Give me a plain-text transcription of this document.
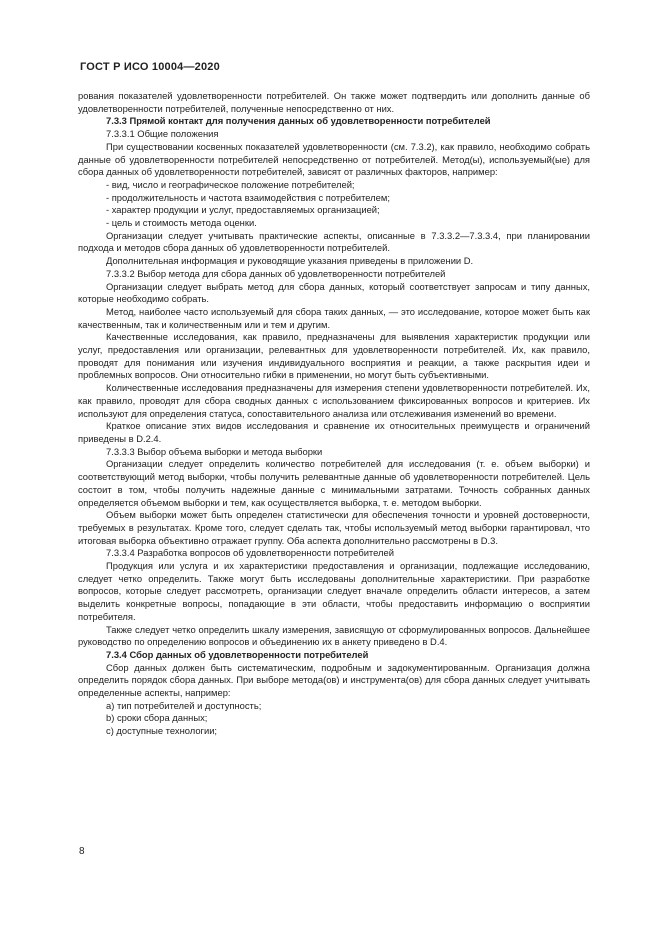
ГОСТ Р ИСО 10004—2020

рования показателей удовлетворенности потребителей. Он также может подтвердить или дополнить данные об удовлетворенности потребителей, полученные непосредственно от них.

7.3.3 Прямой контакт для получения данных об удовлетворенности потребителей

7.3.3.1 Общие положения

При существовании косвенных показателей удовлетворенности (см. 7.3.2), как правило, необходимо собрать данные об удовлетворенности потребителей непосредственно от потребителей. Метод(ы), используемый(ые) для сбора данных об удовлетворенности потребителей, зависят от различных факторов, например:

- вид, число и географическое положение потребителей;

- продолжительность и частота взаимодействия с потребителем;

- характер продукции и услуг, предоставляемых организацией;

- цель и стоимость метода оценки.

Организации следует учитывать практические аспекты, описанные в 7.3.3.2—7.3.3.4, при планировании подхода и методов сбора данных об удовлетворенности потребителей.

Дополнительная информация и руководящие указания приведены в приложении D.

7.3.3.2 Выбор метода для сбора данных об удовлетворенности потребителей

Организации следует выбрать метод для сбора данных, который соответствует запросам и типу данных, которые необходимо собрать.

Метод, наиболее часто используемый для сбора таких данных, — это исследование, которое может быть как качественным, так и количественным или и тем и другим.

Качественные исследования, как правило, предназначены для выявления характеристик продукции или услуг, предоставления или организации, релевантных для удовлетворенности потребителей. Их, как правило, проводят для понимания или изучения индивидуального восприятия и реакции, а также раскрытия идеи и проблемных вопросов. Они относительно гибки в применении, но могут быть субъективными.

Количественные исследования предназначены для измерения степени удовлетворенности потребителей. Их, как правило, проводят для сбора сводных данных с использованием фиксированных вопросов и критериев. Их используют для определения статуса, сопоставительного анализа или отслеживания изменений во времени.

Краткое описание этих видов исследования и сравнение их относительных преимуществ и ограничений приведены в D.2.4.

7.3.3.3 Выбор объема выборки и метода выборки

Организации следует определить количество потребителей для исследования (т. е. объем выборки) и соответствующий метод выборки, чтобы получить релевантные данные об удовлетворенности потребителей. Цель состоит в том, чтобы получить надежные данные с минимальными затратами. Точность собранных данных определяется объемом выборки и тем, как осуществляется выборка, т. е. методом выборки.

Объем выборки может быть определен статистически для обеспечения точности и уровней достоверности, требуемых в результатах. Кроме того, следует сделать так, чтобы используемый метод выборки гарантировал, что итоговая выборка объективно отражает группу. Оба аспекта дополнительно рассмотрены в D.3.

7.3.3.4 Разработка вопросов об удовлетворенности потребителей

Продукция или услуга и их характеристики предоставления и организации, подлежащие исследованию, следует четко определить. Также могут быть исследованы дополнительные характеристики. При разработке вопросов, которые следует рассмотреть, организации следует вначале определить области интересов, а затем выделить конкретные вопросы, попадающие в эти области, чтобы предоставить информацию о восприятии потребителя.

Также следует четко определить шкалу измерения, зависящую от сформулированных вопросов. Дальнейшее руководство по определению вопросов и объединению их в анкету приведено в D.4.

7.3.4 Сбор данных об удовлетворенности потребителей

Сбор данных должен быть систематическим, подробным и задокументированным. Организация должна определить порядок сбора данных. При выборе метода(ов) и инструмента(ов) для сбора данных следует учитывать определенные аспекты, например:

a) тип потребителей и доступность;

b) сроки сбора данных;

c) доступные технологии;

8
